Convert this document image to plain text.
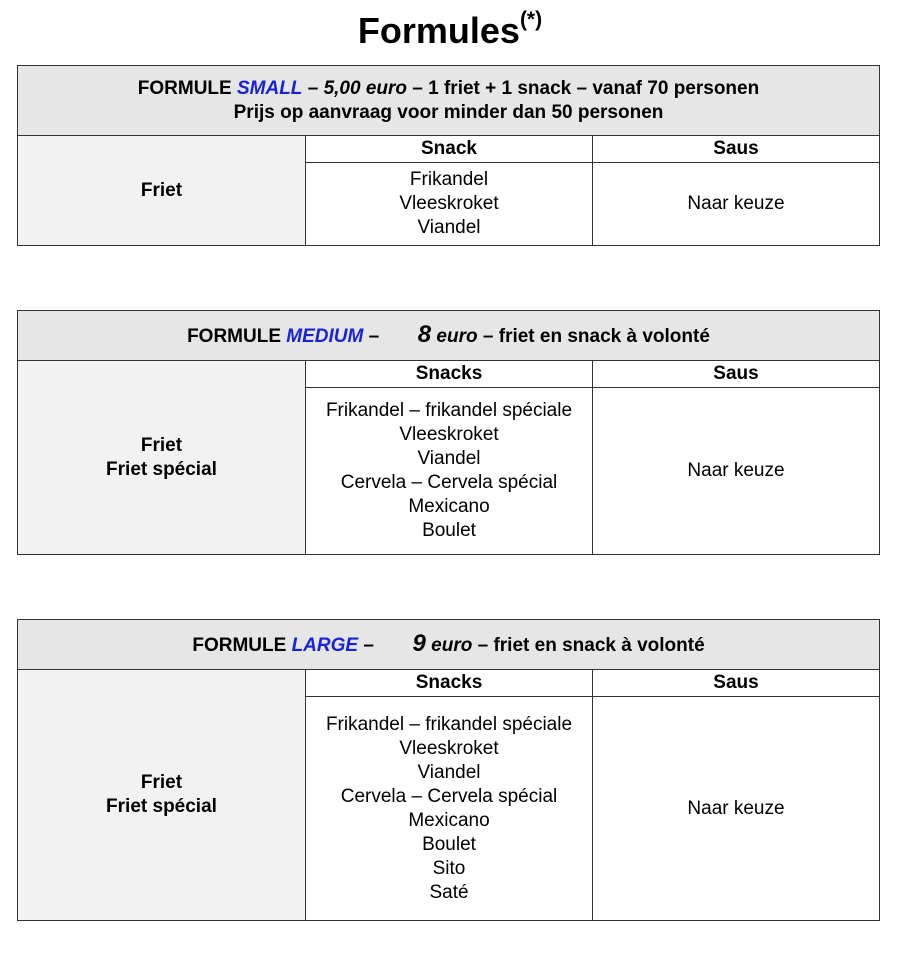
Formules(*)
FORMULE SMALL – 5,00 euro – 1 friet + 1 snack – vanaf 70 personen
Prijs op aanvraag voor minder dan 50 personen
Friet
Snack
Frikandel
Vleeskroket
Viandel
Saus
Naar keuze
FORMULE MEDIUM – 8 euro – friet en snack à volonté
Friet
Friet spécial
Snacks
Frikandel – frikandel spéciale
Vleeskroket
Viandel
Cervela – Cervela spécial
Mexicano
Boulet
Saus
Naar keuze
FORMULE LARGE – 9 euro – friet en snack à volonté
Friet
Friet spécial
Snacks
Frikandel – frikandel spéciale
Vleeskroket
Viandel
Cervela – Cervela spécial
Mexicano
Boulet
Sito
Saté
Saus
Naar keuze
